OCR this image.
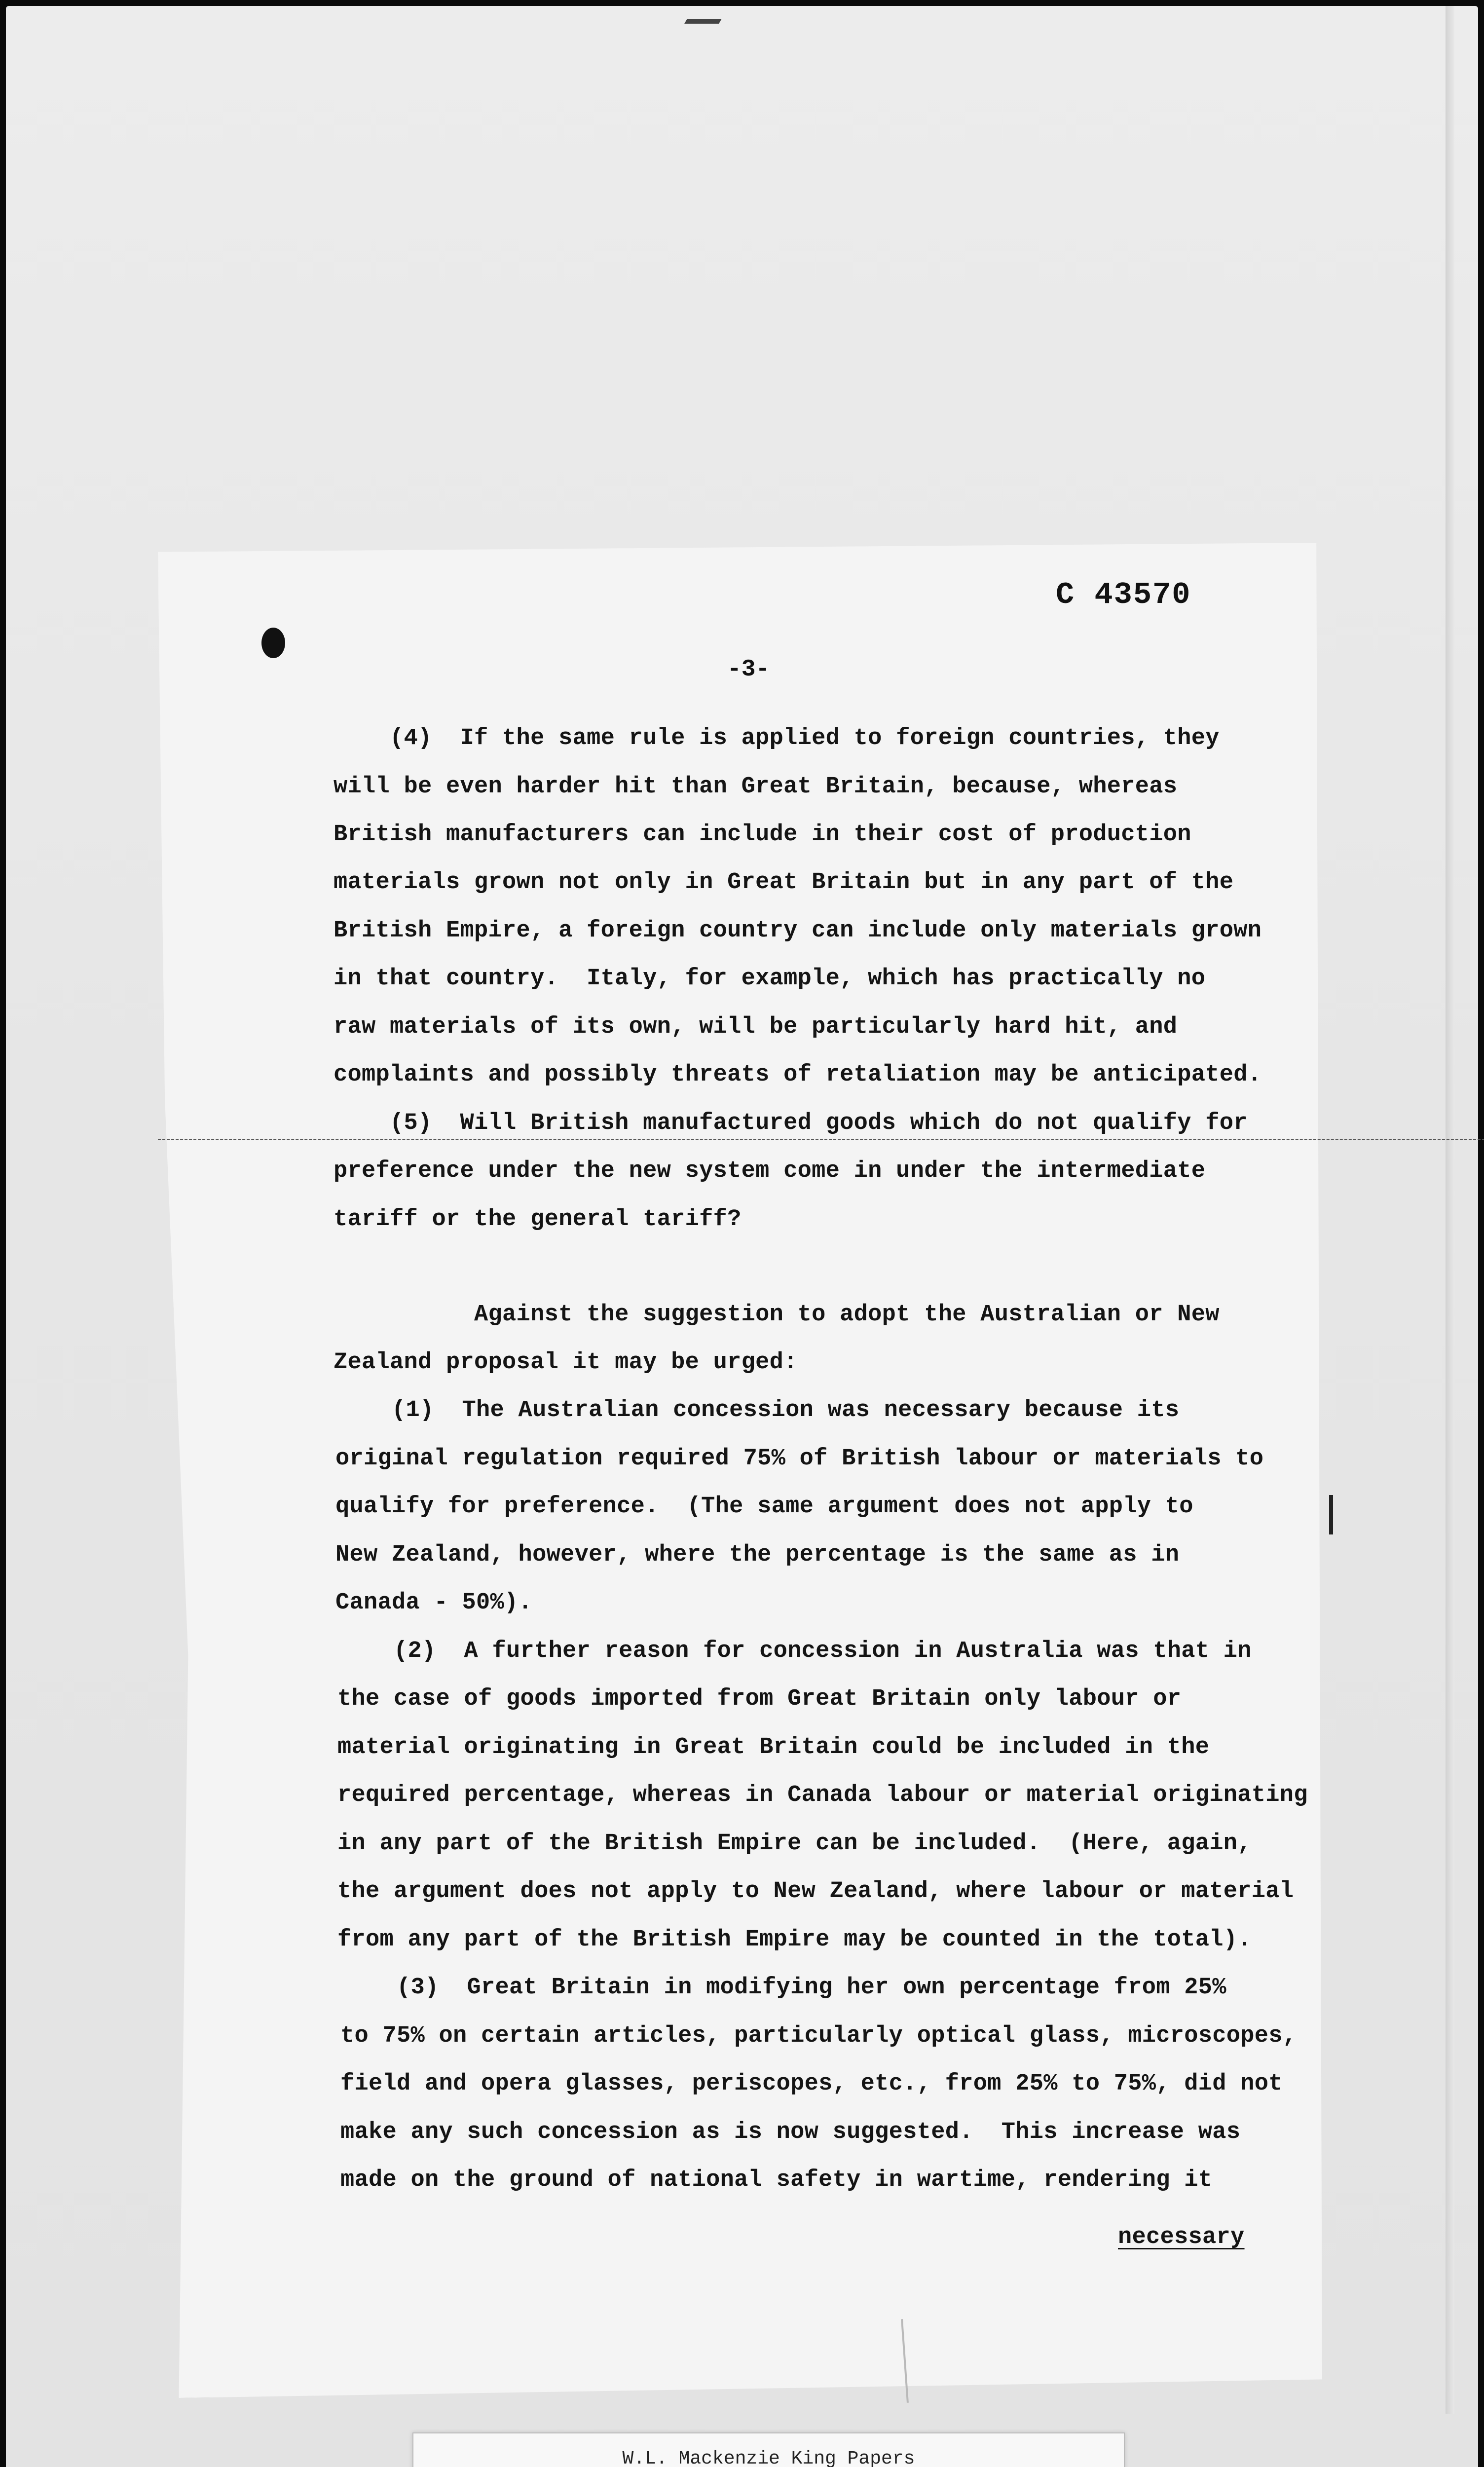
C 43570
-3-
(4)  If the same rule is applied to foreign countries, they
will be even harder hit than Great Britain, because, whereas
British manufacturers can include in their cost of production
materials grown not only in Great Britain but in any part of the
British Empire, a foreign country can include only materials grown
in that country.  Italy, for example, which has practically no
raw materials of its own, will be particularly hard hit, and
complaints and possibly threats of retaliation may be anticipated.
(5)  Will British manufactured goods which do not qualify for
preference under the new system come in under the intermediate
tariff or the general tariff?
Against the suggestion to adopt the Australian or New
Zealand proposal it may be urged:
(1)  The Australian concession was necessary because its
original regulation required 75% of British labour or materials to
qualify for preference.  (The same argument does not apply to
New Zealand, however, where the percentage is the same as in
Canada - 50%).
(2)  A further reason for concession in Australia was that in
the case of goods imported from Great Britain only labour or
material originating in Great Britain could be included in the
required percentage, whereas in Canada labour or material originating
in any part of the British Empire can be included.  (Here, again,
the argument does not apply to New Zealand, where labour or material
from any part of the British Empire may be counted in the total).
(3)  Great Britain in modifying her own percentage from 25%
to 75% on certain articles, particularly optical glass, microscopes,
field and opera glasses, periscopes, etc., from 25% to 75%, did not
make any such concession as is now suggested.  This increase was
made on the ground of national safety in wartime, rendering it
necessary
W.L. Mackenzie King Papers
